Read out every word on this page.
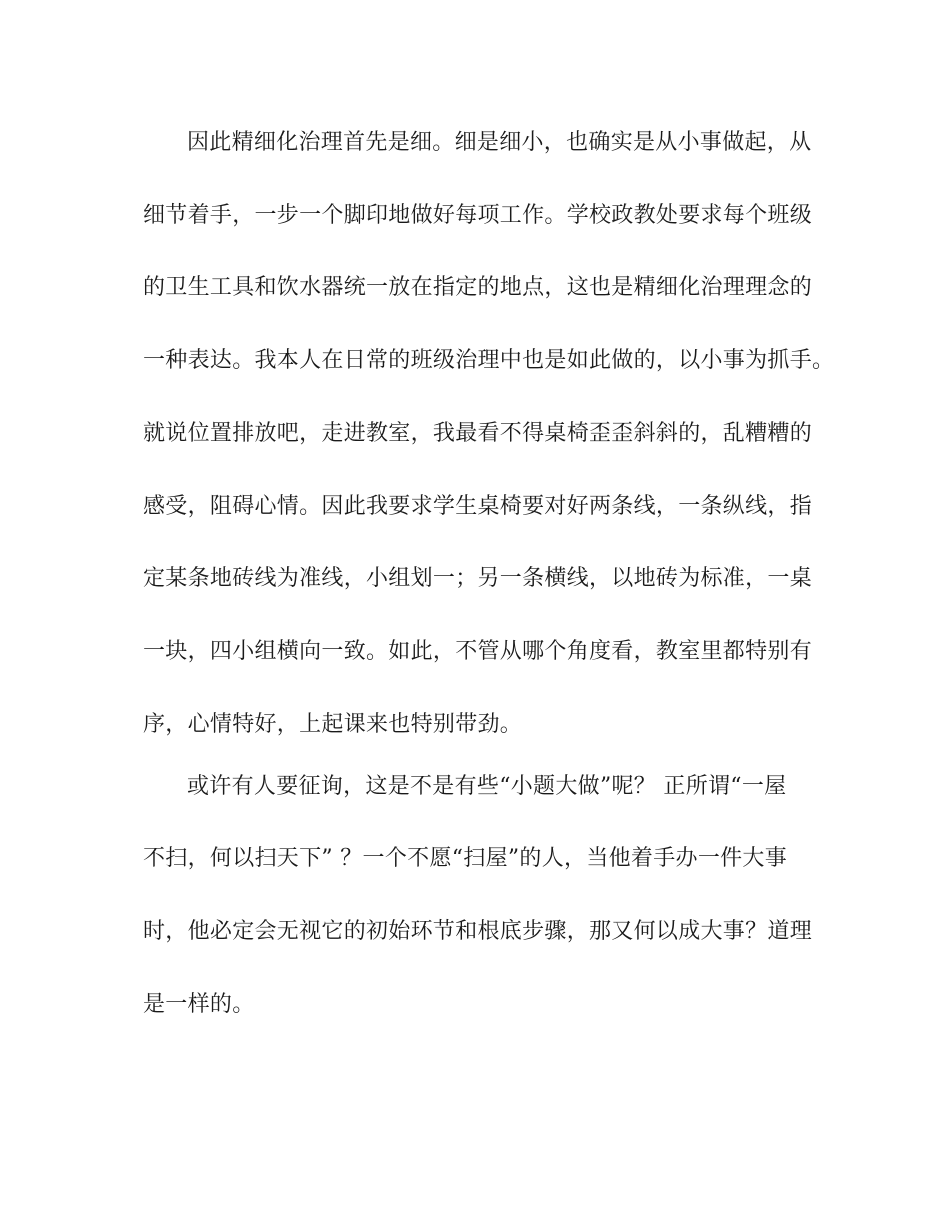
因此精细化治理首先是细。细是细小，也确实是从小事做起，从
细节着手，一步一个脚印地做好每项工作。学校政教处要求每个班级
的卫生工具和饮水器统一放在指定的地点，这也是精细化治理理念的
一种表达。我本人在日常的班级治理中也是如此做的，以小事为抓手。
就说位置排放吧，走进教室，我最看不得桌椅歪歪斜斜的，乱糟糟的
感受，阻碍心情。因此我要求学生桌椅要对好两条线，一条纵线，指
定某条地砖线为准线，小组划一；另一条横线，以地砖为标准，一桌
一块，四小组横向一致。如此，不管从哪个角度看，教室里都特别有
序，心情特好，上起课来也特别带劲。
或许有人要征询，这是不是有些“小题大做”呢？ 正所谓“一屋
不扫，何以扫天下” ？一个不愿“扫屋”的人，当他着手办一件大事
时，他必定会无视它的初始环节和根底步骤，那又何以成大事？道理
是一样的。
